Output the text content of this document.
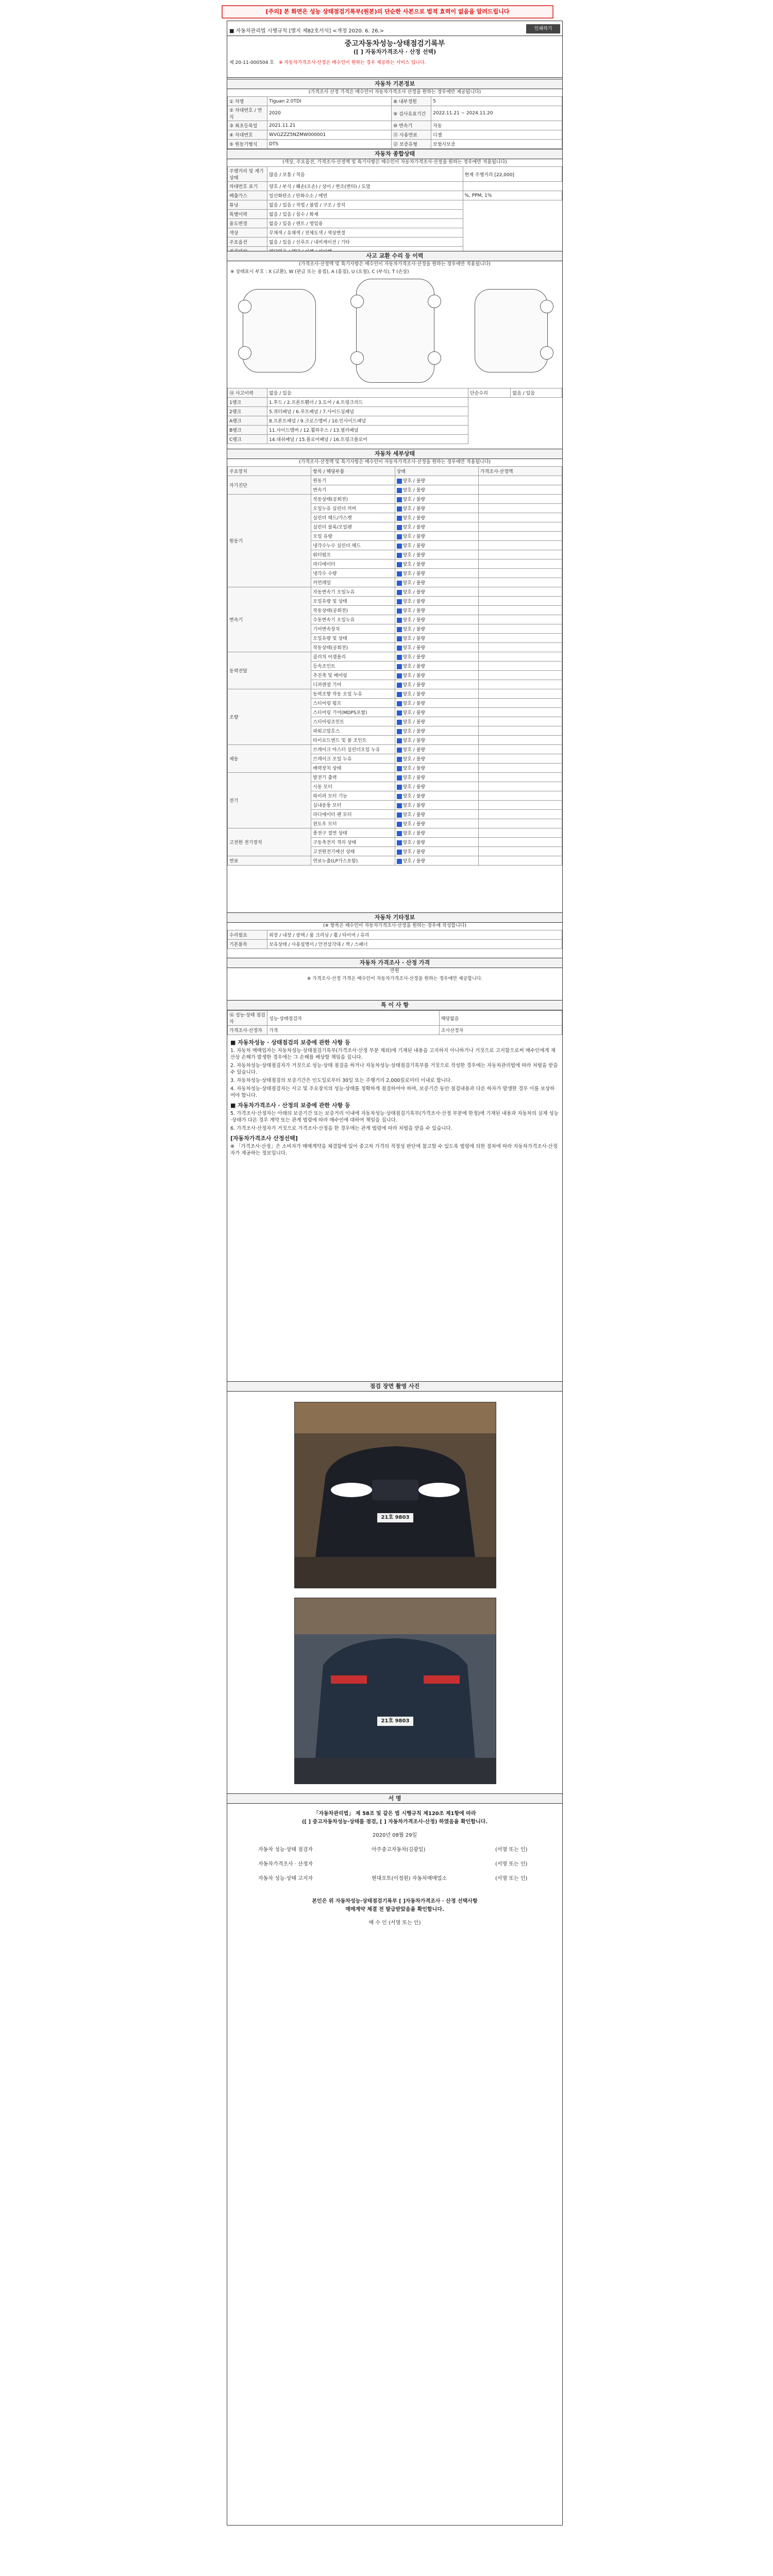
[주의] 본 화면은 성능 상태점검기록부(원본)의 단순한 사본으로 법적 효력이 없음을 알려드립니다
■ 자동차관리법 시행규칙 [별지 제82호서식] <개정 2020. 6. 26.>	인쇄하기
중고자동차성능·상태점검기록부
([ ] 자동차가격조사 · 산정 선택)
제 20-11-000504 호 ※ 자동차가격조사·산정은 매수인이 원하는 경우 제공하는 서비스 입니다.
자동차 기본정보
(가격조사 산정 가격은 매수인이 자동차가격조사 산정을 원하는 경우에만 제공됩니다)
① 차명	Tiguan 2.0TDI	⑧ 내부정원	5
② 차대번호 / 연식	2020	⑨ 검사유효기간	2022.11.21 ~ 2024.11.20
③ 최초등록일	2021.11.21	⑩ 변속기	자동
④ 차대번호	WVGZZZ5NZMW000001	⑪ 사용연료	디젤
⑤ 원동기형식	DTS	⑫ 보증유형	보험사보증
자동차 종합상태
(색상, 주요옵션, 가격조사·산정액 및 특기사항은 매수인이 자동차가격조사·산정을 원하는 경우에만 적용됩니다)
주행거리 및 계기상태	많음 / 보통 / 적음	현재 주행거리 [22,000]
차대번호 표기	양호 / 부식 / 훼손(오손) / 상이 / 변조(변타) / 도말	
배출가스	일산화탄소 / 탄화수소 / 매연	%, PPM, 1%
튜닝	없음 / 있음 / 적법 / 불법 / 구조 / 장치	
특별이력	없음 / 있음 / 침수 / 화재	
용도변경	없음 / 있음 / 렌트 / 영업용	
색상	무채색 / 유채색 / 전체도색 / 색상변경	
주요옵션	없음 / 있음 / 선루프 / 내비게이션 / 기타	

사고 교환 수리 등 이력
(가격조사·산정액 및 특기사항은 매수인이 자동차가격조사·산정을 원하는 경우에만 적용됩니다)
※ 상태표시 부호 : X (교환), W (판금 또는 용접), A (흠집), U (요철), C (부식), T (손상)
⑭ 사고이력	없음 / 있음	단순수리	없음 / 있음
1랭크	1.후드 / 2.프론트휀더 / 3.도어 / 4.트렁크리드		
2랭크	5.쿼터패널 / 6.루프패널 / 7.사이드실패널		
A랭크	8.프론트패널 / 9.크로스멤버 / 10.인사이드패널		
B랭크	11.사이드멤버 / 12.휠하우스 / 13.필러패널		
C랭크	14.대쉬패널 / 15.플로어패널 / 16.트렁크플로어		
자동차 세부상태
(가격조사·산정액 및 특기사항은 매수인이 자동차가격조사·산정을 원하는 경우에만 적용됩니다)
주요장치	항목 / 해당부품	상태	가격조사·산정액
자기진단	원동기	양호 / 불량	
	변속기	양호 / 불량	
원동기	작동상태(공회전)	양호 / 불량	
	오일누유 실린더 커버	양호 / 불량	
	실린더 헤드/가스켓	양호 / 불량	
	실린더 블록/오일팬	양호 / 불량	
	오일 유량	양호 / 불량	
	냉각수누수 실린더 헤드	양호 / 불량	
	워터펌프	양호 / 불량	
	라디에이터	양호 / 불량	
	냉각수 수량	양호 / 불량	
	커먼레일	양호 / 불량	
변속기	자동변속기 오일누유	양호 / 불량	
	오일유량 및 상태	양호 / 불량	
	작동상태(공회전)	양호 / 불량	
	수동변속기 오일누유	양호 / 불량	
	기어변속장치	양호 / 불량	
	오일유량 및 상태	양호 / 불량	
	작동상태(공회전)	양호 / 불량	
동력전달	클러치 어셈블리	양호 / 불량	
	등속조인트	양호 / 불량	
	추진축 및 베어링	양호 / 불량	
	디퍼렌셜 기어	양호 / 불량	
조향	동력조향 작동 오일 누유	양호 / 불량	
	스티어링 펌프	양호 / 불량	
	스티어링 기어(MDPS포함)	양호 / 불량	
	스티어링조인트	양호 / 불량	
	파워고압호스	양호 / 불량	
	타이로드엔드 및 볼 조인트	양호 / 불량	
제동	브레이크 마스터 실린더오일 누유	양호 / 불량	
	브레이크 오일 누유	양호 / 불량	
	배력장치 상태	양호 / 불량	
전기	발전기 출력	양호 / 불량	
	시동 모터	양호 / 불량	
	와이퍼 모터 기능	양호 / 불량	
	실내송풍 모터	양호 / 불량	
	라디에이터 팬 모터	양호 / 불량	
	윈도우 모터	양호 / 불량	
고전원 전기장치	충전구 절연 상태	양호 / 불량	
	구동축전지 격리 상태	양호 / 불량	
	고전원전기배선 상태	양호 / 불량	
연료	연료누출(LP가스포함)	양호 / 불량	
자동차 기타정보
(※ 항목은 매수인이 자동차가격조사·산정을 원하는 경우에 작성합니다)
수리필요	외장 / 내장 / 광택 / 룸 크리닝 / 휠 / 타이어 / 유리
기본품목	보유상태 / 사용설명서 / 안전삼각대 / 잭 / 스패너
자동차 가격조사 · 산정 가격
만원
※ 가격조사·산정 가격은 매수인이 자동차가격조사·산정을 원하는 경우에만 제공합니다.
특 이 사 항
⑯ 성능·상태 점검자	성능·상태점검자	해당없음
가격조사·산정자	가격	조사산정자

■ 자동차성능 · 상태점검의 보증에 관한 사항 등

1. 자동차 매매업자는 자동차성능·상태점검기록부(가격조사·산정 부분 제외)에 기재된 내용을 고지하지 아니하거나 거짓으로 고지함으로써 매수인에게 재산상 손해가 발생한 경우에는 그 손해를 배상할 책임을 집니다.

2. 자동차성능·상태점검자가 거짓으로 성능·상태 점검을 하거나 자동차성능·상태점검기록부를 거짓으로 작성한 경우에는 자동차관리법에 따라 처벌을 받을 수 있습니다.

3. 자동차성능·상태점검의 보증기간은 인도일로부터 30일 또는 주행거리 2,000킬로미터 이내로 합니다.

4. 자동차성능·상태점검자는 사고 및 주요장치의 성능·상태를 정확하게 점검하여야 하며, 보증기간 동안 점검내용과 다른 하자가 발생한 경우 이를 보상하여야 합니다.

■ 자동차가격조사 · 산정의 보증에 관한 사항 등

5. 가격조사·산정자는 아래의 보증기간 또는 보증거리 이내에 자동차성능·상태점검기록부(가격조사·산정 부분에 한정)에 기재된 내용과 자동차의 실제 성능·상태가 다른 경우 계약 또는 관계 법령에 따라 매수인에 대하여 책임을 집니다.

6. 가격조사·산정자가 거짓으로 가격조사·산정을 한 경우에는 관계 법령에 따라 처벌을 받을 수 있습니다.

[자동차가격조사 산정선택]

※ 「가격조사·산정」은 소비자가 매매계약을 체결함에 있어 중고차 가격의 적정성 판단에 참고할 수 있도록 법령에 의한 절차에 따라 자동차가격조사·산정자가 제공하는 정보입니다.

점검 장면 촬영 사진
21호 9803
21호 9803
서 명
「자동차관리법」 제 58조 및 같은 법 시행규칙 제120조 제1항에 따라
([ ] 중고자동차성능·상태를 점검, [ ] 자동차가격조사·산정) 하였음을 확인합니다.
2020년 08월 29일
자동차 성능·상태 점검자	아주중고자동차(김광일)	(서명 또는 인)
자동차가격조사 · 산정자	(서명 또는 인)
자동차 성능·상태 고지자	현대오토(이정원) 자동차매매업소	(서명 또는 인)
본인은 위 자동차성능·상태점검기록부 [ ]자동차가격조사 · 산정 선택사항
매매계약 체결 전 발급받았음을 확인합니다.
매 수 인 (서명 또는 인)
